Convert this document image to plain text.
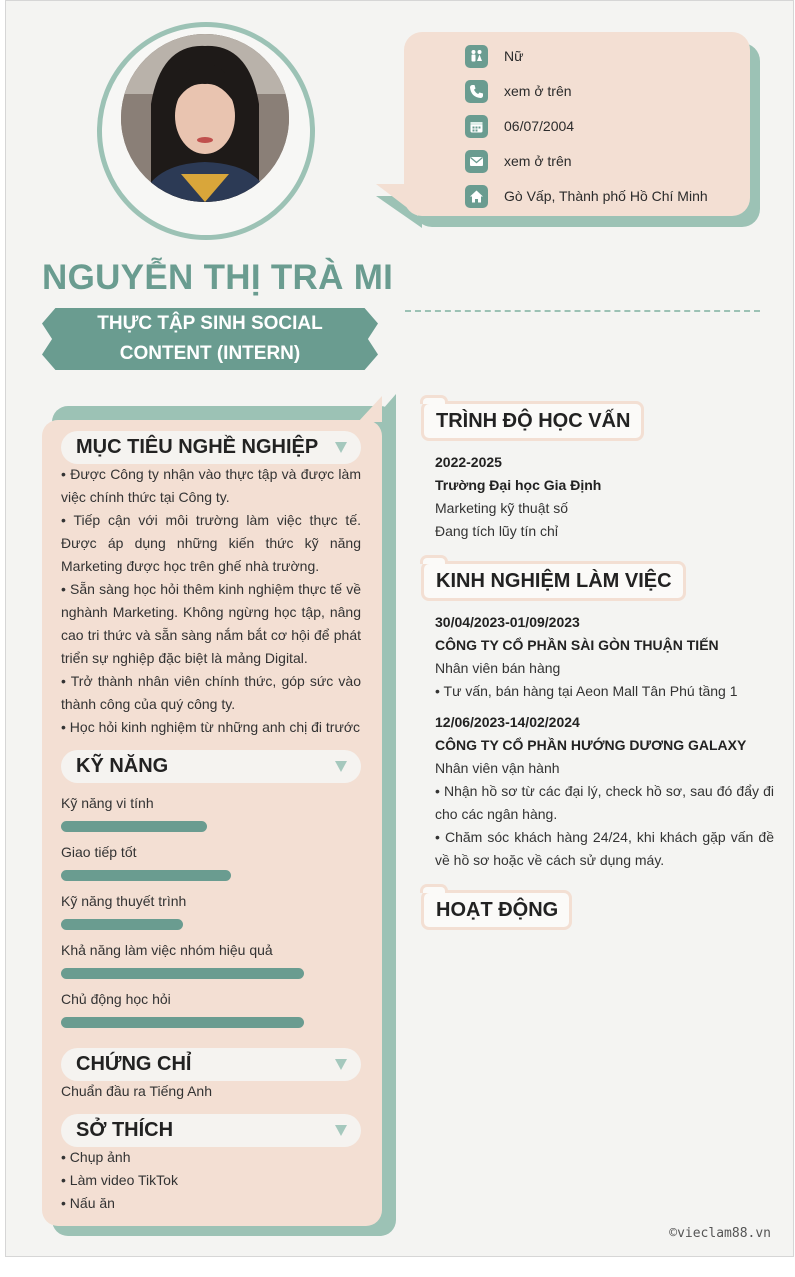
Nữ
xem ở trên
06/07/2004
xem ở trên
Gò Vấp, Thành phố Hồ Chí Minh
NGUYỄN THỊ TRÀ MI
THỰC TẬP SINH SOCIAL
CONTENT (INTERN)
MỤC TIÊU NGHỀ NGHIỆP
• Được Công ty nhận vào thực tập và được làm việc chính thức tại Công ty.
• Tiếp cận với môi trường làm việc thực tế. Được áp dụng những kiến thức kỹ năng Marketing được học trên ghế nhà trường.
• Sẵn sàng học hỏi thêm kinh nghiệm thực tế về nghành Marketing. Không ngừng học tập, nâng cao tri thức và sẵn sàng nắm bắt cơ hội để phát triển sự nghiệp đặc biệt là mảng Digital.
• Trở thành nhân viên chính thức, góp sức vào thành công của quý công ty.
• Học hỏi kinh nghiệm từ những anh chị đi trước
KỸ NĂNG
Kỹ năng vi tính
Giao tiếp tốt
Kỹ năng thuyết trình
Khả năng làm việc nhóm hiệu quả
Chủ động học hỏi
CHỨNG CHỈ
Chuẩn đầu ra Tiếng Anh
SỞ THÍCH
• Chụp ảnh
• Làm video TikTok
• Nấu ăn
TRÌNH ĐỘ HỌC VẤN
2022-2025
Trường Đại học Gia Định
Marketing kỹ thuật số
Đang tích lũy tín chỉ
KINH NGHIỆM LÀM VIỆC
30/04/2023-01/09/2023
CÔNG TY CỔ PHẦN SÀI GÒN THUẬN TIẾN
Nhân viên bán hàng
• Tư vấn, bán hàng tại Aeon Mall Tân Phú tầng 1
12/06/2023-14/02/2024
CÔNG TY CỔ PHẦN HƯỚNG DƯƠNG GALAXY
Nhân viên vận hành
• Nhận hồ sơ từ các đại lý, check hồ sơ, sau đó đẩy đi cho các ngân hàng.
• Chăm sóc khách hàng 24/24, khi khách gặp vấn đề về hồ sơ hoặc về cách sử dụng máy.
HOẠT ĐỘNG
©vieclam88.vn
